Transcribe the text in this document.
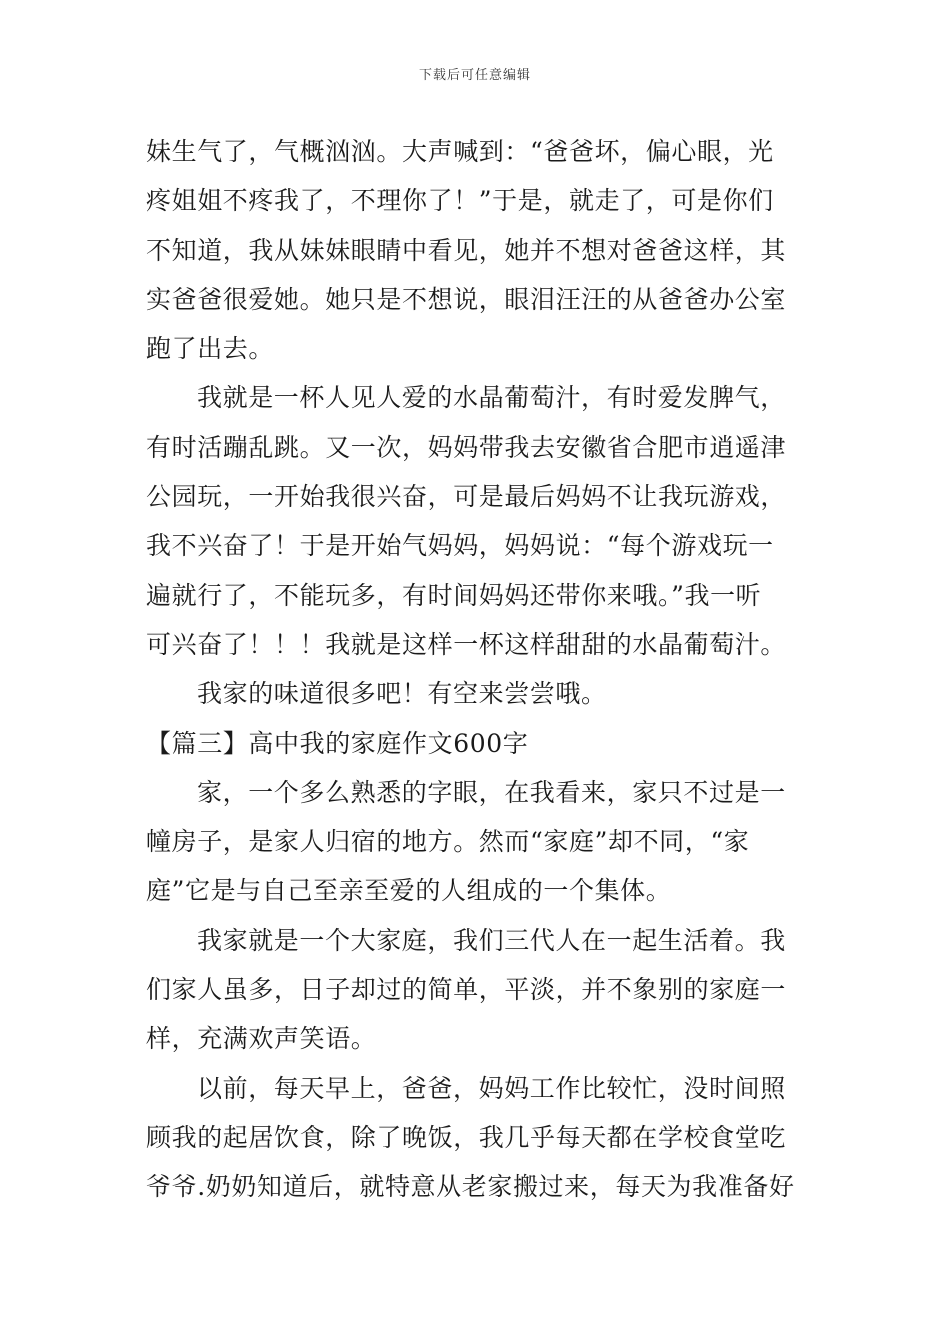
下载后可任意编辑
妹生气了，气概汹汹。大声喊到：“爸爸坏，偏心眼，光
疼姐姐不疼我了，不理你了！”于是，就走了，可是你们
不知道，我从妹妹眼睛中看见，她并不想对爸爸这样，其
实爸爸很爱她。她只是不想说，眼泪汪汪的从爸爸办公室
跑了出去。
我就是一杯人见人爱的水晶葡萄汁，有时爱发脾气，
有时活蹦乱跳。又一次，妈妈带我去安徽省合肥市逍遥津
公园玩，一开始我很兴奋，可是最后妈妈不让我玩游戏，
我不兴奋了！于是开始气妈妈，妈妈说：“每个游戏玩一
遍就行了，不能玩多，有时间妈妈还带你来哦。”我一听
可兴奋了！！！我就是这样一杯这样甜甜的水晶葡萄汁。
我家的味道很多吧！有空来尝尝哦。
【篇三】高中我的家庭作文600字
家，一个多么熟悉的字眼，在我看来，家只不过是一
幢房子，是家人归宿的地方。然而“家庭”却不同，“家
庭”它是与自己至亲至爱的人组成的一个集体。
我家就是一个大家庭，我们三代人在一起生活着。我
们家人虽多，日子却过的简单，平淡，并不象别的家庭一
样，充满欢声笑语。
以前，每天早上，爸爸，妈妈工作比较忙，没时间照
顾我的起居饮食，除了晚饭，我几乎每天都在学校食堂吃
爷爷.奶奶知道后，就特意从老家搬过来，每天为我准备好
